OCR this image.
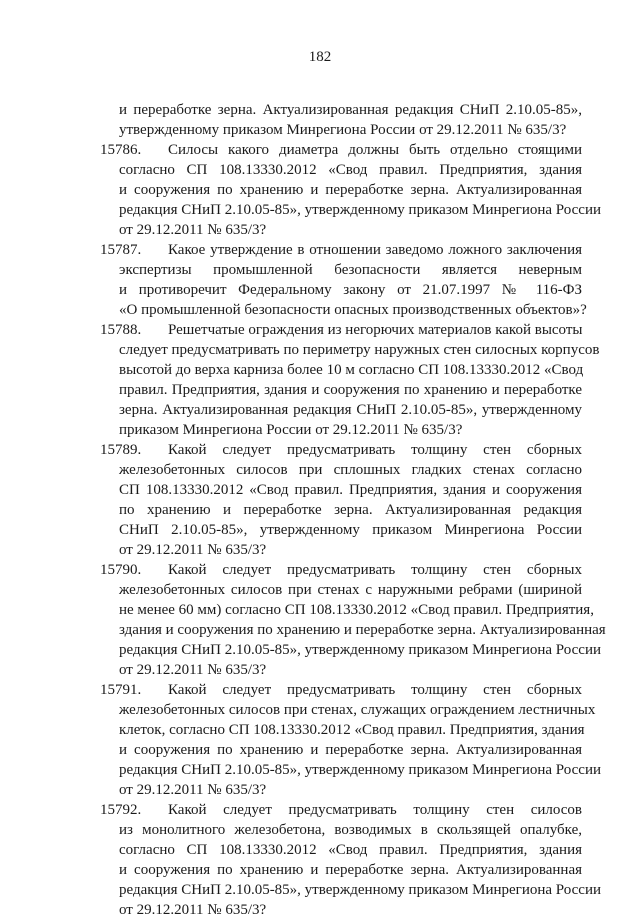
182
и переработке зерна. Актуализированная редакция СНиП 2.10.05-85»,
утвержденному приказом Минрегиона России от 29.12.2011 № 635/3?
15786. Силосы какого диаметра должны быть отдельно стоящими
согласно СП 108.13330.2012 «Свод правил. Предприятия, здания
и сооружения по хранению и переработке зерна. Актуализированная
редакция СНиП 2.10.05-85», утвержденному приказом Минрегиона России
от 29.12.2011 № 635/3?
15787. Какое утверждение в отношении заведомо ложного заключения
экспертизы промышленной безопасности является неверным
и противоречит Федеральному закону от 21.07.1997 № 116-ФЗ
«О промышленной безопасности опасных производственных объектов»?
15788. Решетчатые ограждения из негорючих материалов какой высоты
следует предусматривать по периметру наружных стен силосных корпусов
высотой до верха карниза более 10 м согласно СП 108.13330.2012 «Свод
правил. Предприятия, здания и сооружения по хранению и переработке
зерна. Актуализированная редакция СНиП 2.10.05-85», утвержденному
приказом Минрегиона России от 29.12.2011 № 635/3?
15789. Какой следует предусматривать толщину стен сборных
железобетонных силосов при сплошных гладких стенах согласно
СП 108.13330.2012 «Свод правил. Предприятия, здания и сооружения
по хранению и переработке зерна. Актуализированная редакция
СНиП 2.10.05-85», утвержденному приказом Минрегиона России
от 29.12.2011 № 635/3?
15790. Какой следует предусматривать толщину стен сборных
железобетонных силосов при стенах с наружными ребрами (шириной
не менее 60 мм) согласно СП 108.13330.2012 «Свод правил. Предприятия,
здания и сооружения по хранению и переработке зерна. Актуализированная
редакция СНиП 2.10.05-85», утвержденному приказом Минрегиона России
от 29.12.2011 № 635/3?
15791. Какой следует предусматривать толщину стен сборных
железобетонных силосов при стенах, служащих ограждением лестничных
клеток, согласно СП 108.13330.2012 «Свод правил. Предприятия, здания
и сооружения по хранению и переработке зерна. Актуализированная
редакция СНиП 2.10.05-85», утвержденному приказом Минрегиона России
от 29.12.2011 № 635/3?
15792. Какой следует предусматривать толщину стен силосов
из монолитного железобетона, возводимых в скользящей опалубке,
согласно СП 108.13330.2012 «Свод правил. Предприятия, здания
и сооружения по хранению и переработке зерна. Актуализированная
редакция СНиП 2.10.05-85», утвержденному приказом Минрегиона России
от 29.12.2011 № 635/3?
